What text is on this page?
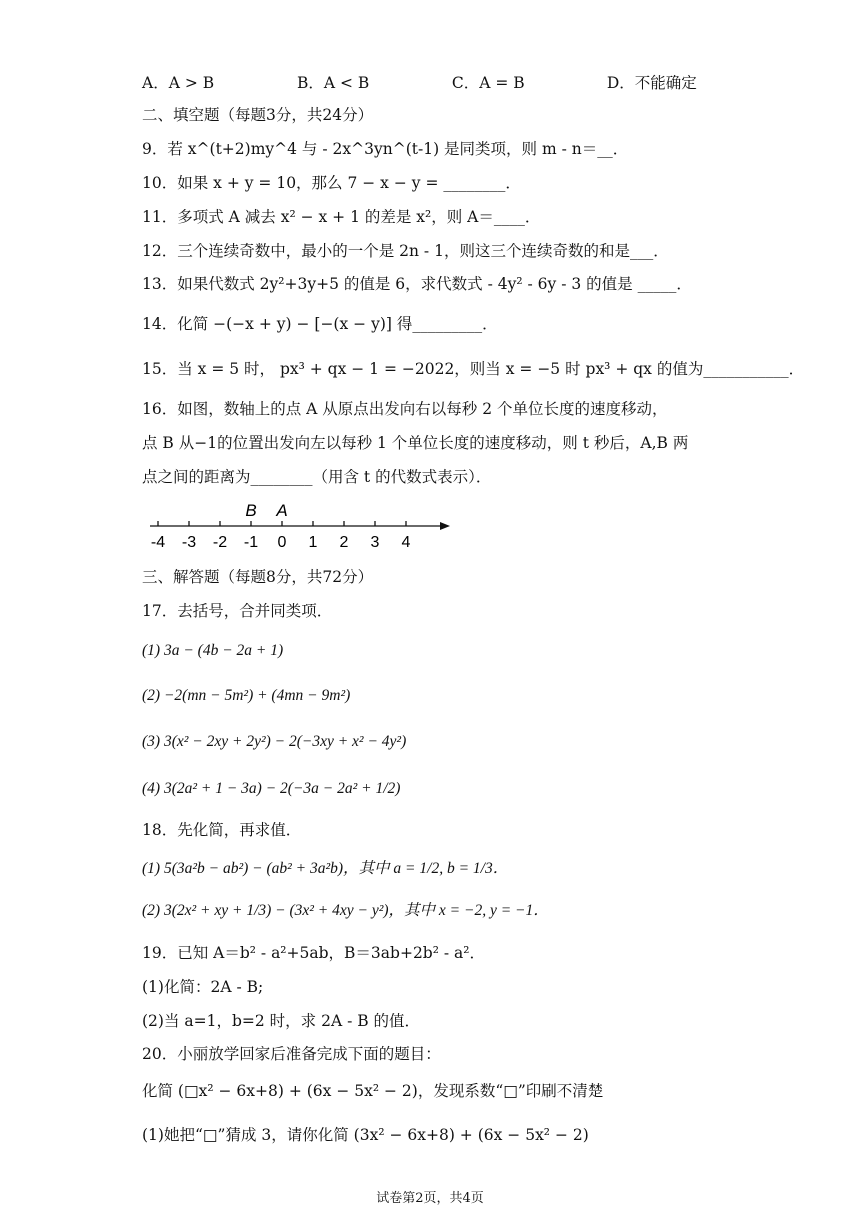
A．A > B	B．A < B	C．A = B	D．不能确定
二、填空题（每题3分，共24分）
9．若 x^(t+2)my^4 与 - 2x^3yn^(t-1) 是同类项，则 m - n＝__．
10．如果 x + y = 10，那么 7 − x − y = ________．
11．多项式 A 减去 x² − x + 1 的差是 x²，则 A＝____．
12．三个连续奇数中，最小的一个是 2n - 1，则这三个连续奇数的和是___．
13．如果代数式 2y²+3y+5 的值是 6，求代数式 - 4y² - 6y - 3 的值是 _____．
14．化简 −(−x + y) − [−(x − y)] 得_________．
15．当 x = 5 时， px³ + qx − 1 = −2022，则当 x = −5 时 px³ + qx 的值为___________．
16．如图，数轴上的点 A 从原点出发向右以每秒 2 个单位长度的速度移动，
点 B 从−1的位置出发向左以每秒 1 个单位长度的速度移动，则 t 秒后，A,B 两
点之间的距离为________（用含 t 的代数式表示）．
-4 -3 -2 -1 0 1 2 3 4
B A
三、解答题（每题8分，共72分）
17．去括号，合并同类项．
(1) 3a − (4b − 2a + 1)
(2) −2(mn − 5m²) + (4mn − 9m²)
(3) 3(x² − 2xy + 2y²) − 2(−3xy + x² − 4y²)
(4) 3(2a² + 1 − 3a) − 2(−3a − 2a² + 1/2)
18．先化简，再求值．
(1) 5(3a²b − ab²) − (ab² + 3a²b)，其中 a = 1/2, b = 1/3．
(2) 3(2x² + xy + 1/3) − (3x² + 4xy − y²)，其中 x = −2, y = −1．
19．已知 A＝b² - a²+5ab，B＝3ab+2b² - a²．
(1)化简：2A - B;
(2)当 a=1，b=2 时，求 2A - B 的值．
20．小丽放学回家后准备完成下面的题目：
化简 (□x² − 6x+8) + (6x − 5x² − 2)，发现系数“□”印刷不清楚
(1)她把“□”猜成 3，请你化简 (3x² − 6x+8) + (6x − 5x² − 2)
试卷第2页，共4页
